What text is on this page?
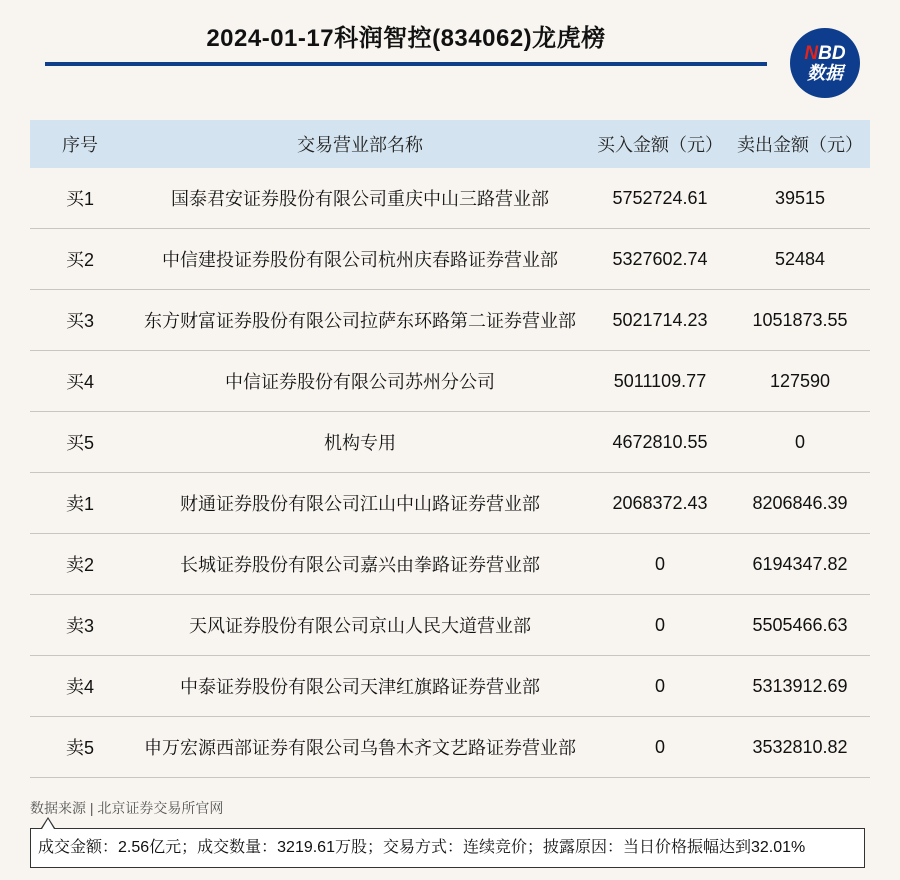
2024-01-17科润智控(834062)龙虎榜
NBD
数据
序号	交易营业部名称	买入金额（元）	卖出金额（元）
买1	国泰君安证券股份有限公司重庆中山三路营业部	5752724.61	39515
买2	中信建投证券股份有限公司杭州庆春路证券营业部	5327602.74	52484
买3	东方财富证券股份有限公司拉萨东环路第二证券营业部	5021714.23	1051873.55
买4	中信证券股份有限公司苏州分公司	5011109.77	127590
买5	机构专用	4672810.55	0
卖1	财通证券股份有限公司江山中山路证券营业部	2068372.43	8206846.39
卖2	长城证券股份有限公司嘉兴由拳路证券营业部	0	6194347.82
卖3	天风证券股份有限公司京山人民大道营业部	0	5505466.63
卖4	中泰证券股份有限公司天津红旗路证券营业部	0	5313912.69
卖5	申万宏源西部证券有限公司乌鲁木齐文艺路证券营业部	0	3532810.82
数据来源 | 北京证券交易所官网
成交金额：2.56亿元；成交数量：3219.61万股；交易方式：连续竞价；披露原因：当日价格振幅达到32.01%
